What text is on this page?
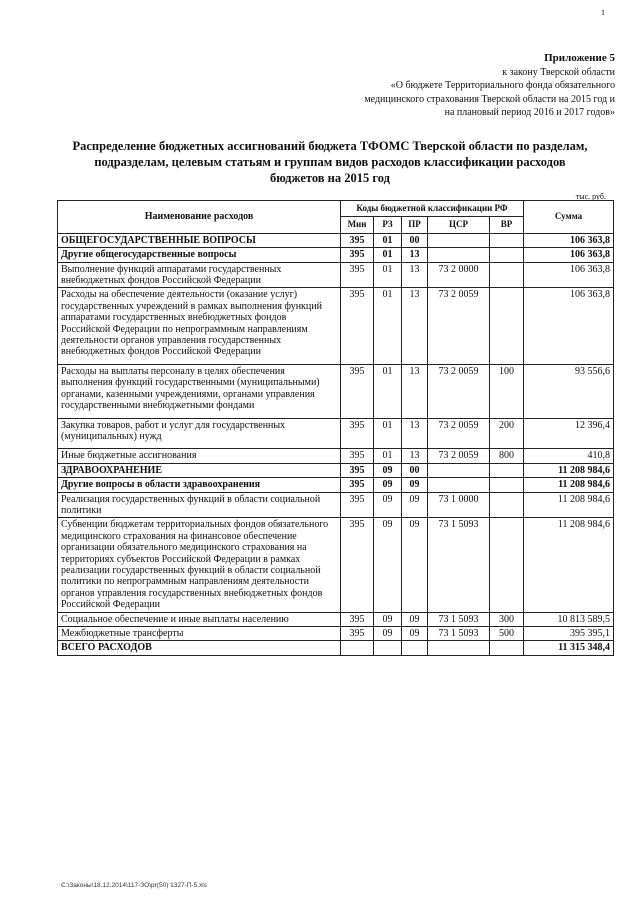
1
Приложение 5
к закону Тверской области
«О бюджете Территориального фонда обязательного
медицинского страхования Тверской области на 2015 год и
на плановый период 2016 и 2017 годов»
Распределение бюджетных ассигнований бюджета ТФОМС Тверской области по разделам,
подразделам, целевым статьям и группам видов расходов классификации расходов
бюджетов на 2015 год
тыс. руб.
Наименование расходов	Коды бюджетной классификации РФ					Сумма
	Мин	РЗ	ПР	ЦСР	ВР	
ОБЩЕГОСУДАРСТВЕННЫЕ ВОПРОСЫ	395	01	00			106 363,8
Другие общегосударственные вопросы	395	01	13			106 363,8
Выполнение функций аппаратами государственных внебюджетных фондов Российской Федерации	395	01	13	73 2 0000		106 363,8
Расходы на обеспечение деятельности (оказание услуг) государственных учреждений в рамках выполнения функций аппаратами государственных внебюджетных фондов Российской Федерации по непрограммным направлениям деятельности органов управления государственных внебюджетных фондов Российской Федерации	395	01	13	73 2 0059		106 363,8
Расходы на выплаты персоналу в целях обеспечения выполнения функций государственными (муниципальными) органами, казенными учреждениями, органами управления государственными внебюджетными фондами	395	01	13	73 2 0059	100	93 556,6
Закупка товаров, работ и услуг для государственных (муниципальных) нужд	395	01	13	73 2 0059	200	12 396,4
Иные бюджетные ассигнования	395	01	13	73 2 0059	800	410,8
ЗДРАВООХРАНЕНИЕ	395	09	00			11 208 984,6
Другие вопросы в области здравоохранения	395	09	09			11 208 984,6
Реализация государственных функций в области социальной политики	395	09	09	73 1 0000		11 208 984,6
Субвенции бюджетам территориальных фондов обязательного медицинского страхования на финансовое обеспечение организации обязательного медицинского страхования на территориях субъектов Российской Федерации в рамках реализации государственных функций в области социальной политики по непрограммным направлениям деятельности органов управления государственных внебюджетных фондов Российской Федерации	395	09	09	73 1 5093		11 208 984,6
Социальное обеспечение и иные выплаты населению	395	09	09	73 1 5093	300	10 813 589,5
Межбюджетные трансферты	395	09	09	73 1 5093	500	395 395,1
ВСЕГО РАСХОДОВ						11 315 348,4
C:\Законы\18.12.2014\117-ЗО\pr(50) 1327-П-5.xls
